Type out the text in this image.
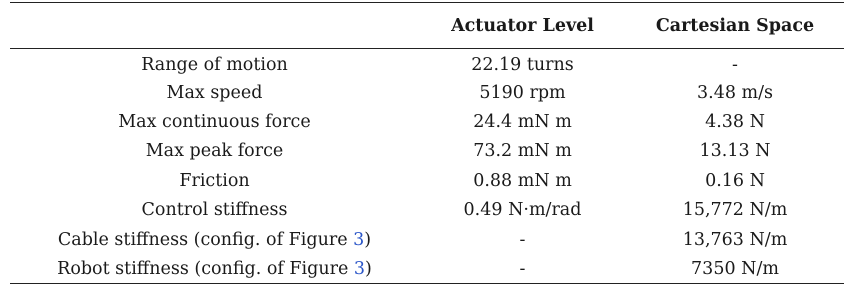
	Actuator Level	Cartesian Space
Range of motion	22.19 turns	-
Max speed	5190 rpm	3.48 m/s
Max continuous force	24.4 mN m	4.38 N
Max peak force	73.2 mN m	13.13 N
Friction	0.88 mN m	0.16 N
Control stiffness	0.49 N·m/rad	15,772 N/m
Cable stiffness (config. of Figure 3)	-	13,763 N/m
Robot stiffness (config. of Figure 3)	-	7350 N/m
